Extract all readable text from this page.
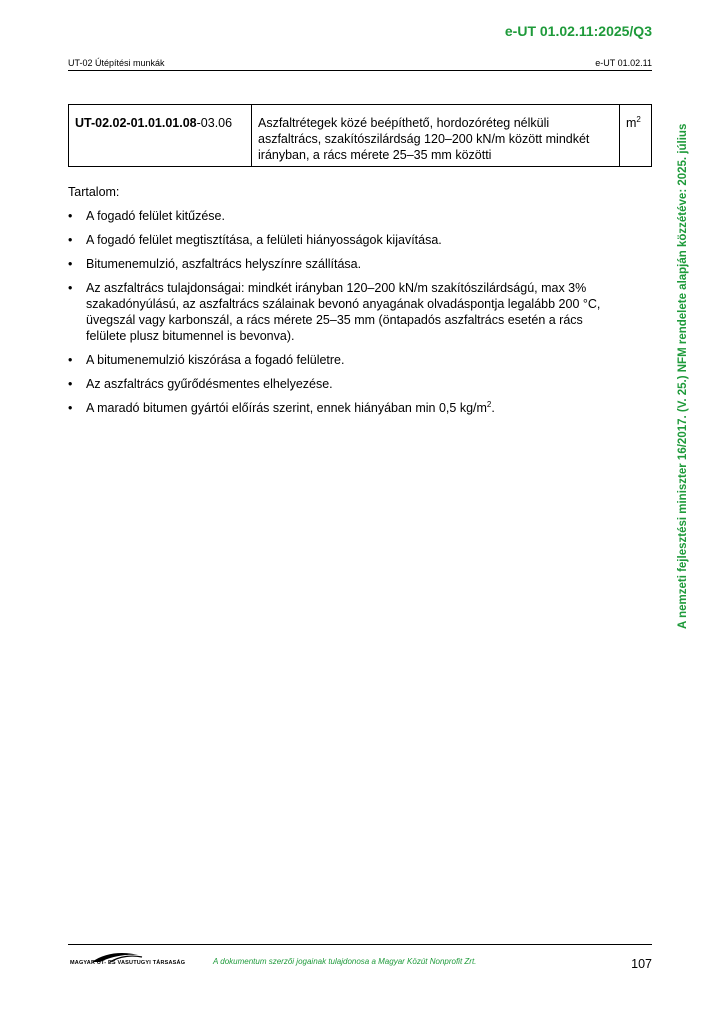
e-UT 01.02.11:2025/Q3
UT-02 Útépítési munkák	e-UT 01.02.11
UT-02.02-01.01.01.08-03.06	Aszfaltrétegek közé beépíthető, hordozóréteg nélküli aszfaltrács, szakítószilárdság 120–200 kN/m között mindkét irányban, a rács mérete 25–35 mm közötti	$m^2$
Tartalom:
• A fogadó felület kitűzése.
• A fogadó felület megtisztítása, a felületi hiányosságok kijavítása.
• Bitumenemulzió, aszfaltrács helyszínre szállítása.
• Az aszfaltrács tulajdonságai: mindkét irányban 120–200 kN/m szakítószilárdságú, max 3% szakadónyúlású, az aszfaltrács szálainak bevonó anyagának olvadáspontja legalább 200 °C, üvegszál vagy karbonszál, a rács mérete 25–35 mm (öntapadós aszfaltrács esetén a rács felülete plusz bitumennel is bevonva).
• A bitumenemulzió kiszórása a fogadó felületre.
• Az aszfaltrács gyűrődésmentes elhelyezése.
• A maradó bitumen gyártói előírás szerint, ennek hiányában min 0,5 $kg/m^2$.	A nemzeti fejlesztési miniszter 16/2017. (V. 25.) NFM rendelete alapján közzétéve: 2025. július
MAGYAR UT- ES VASUTUGYI TÁRSASÁG	A dokumentum szerzői jogainak tulajdonosa a Magyar Közút Nonprofit Zrt.	107
